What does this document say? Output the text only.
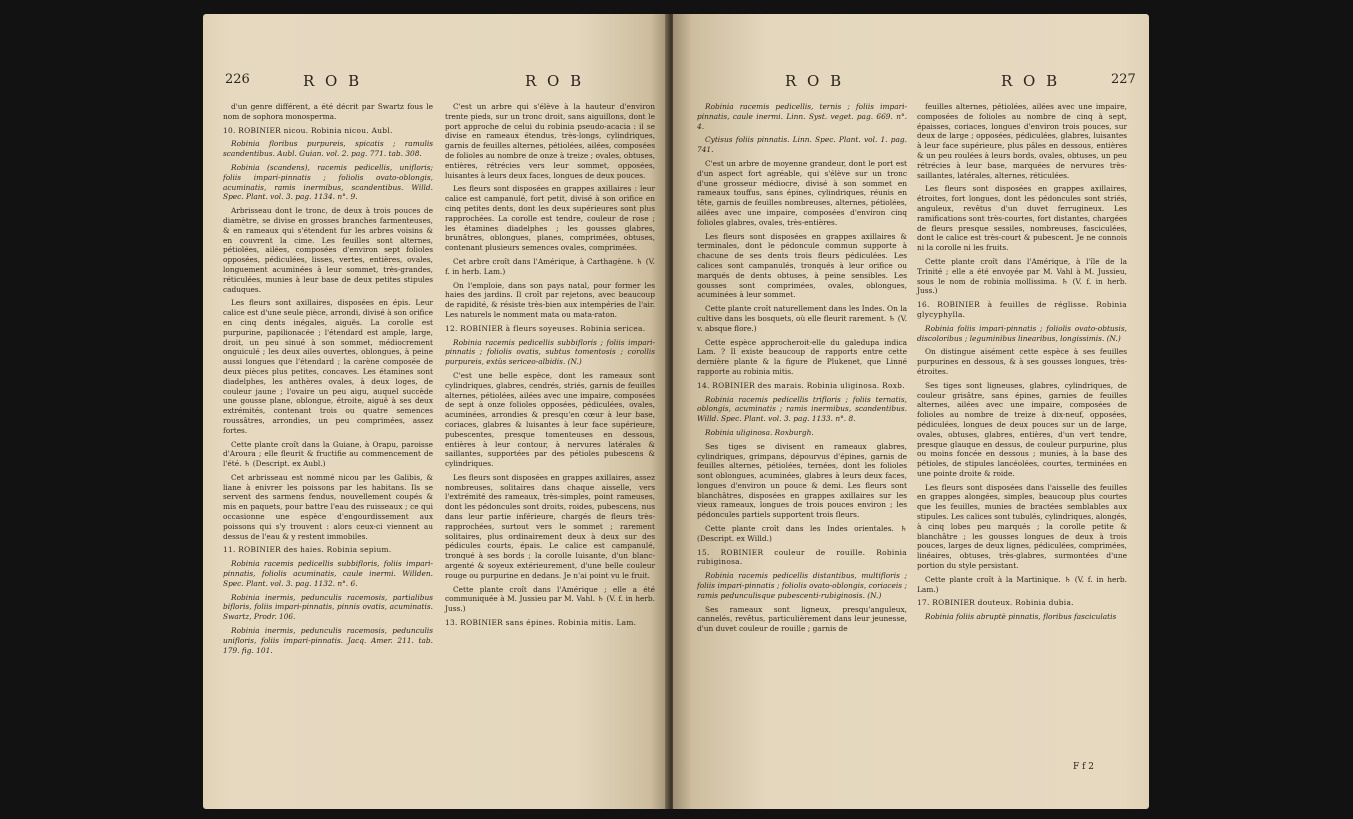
226	R O B	R O B

d'un genre différent, a été décrit par Swartz fous le nom de sophora monosperma.

10. ROBINIER nicou. Robinia nicou. Aubl.

Robinia floribus purpureis, spicatis ; ramulis scandentibus. Aubl. Guian. vol. 2. pag. 771. tab. 308.

Robinia (scandens), racemis pedicellis, unifloris; foliis impari-pinnatis ; foliolis ovato-oblongis, acuminatis, ramis inermibus, scandentibus. Willd. Spec. Plant. vol. 3. pag. 1134. n°. 9.

Arbrisseau dont le tronc, de deux à trois pouces de diamètre, se divise en grosses branches farmenteuses, & en rameaux qui s'étendent fur les arbres voisins & en couvrent la cime. Les feuilles sont alternes, pétiolées, ailées, composées d'environ sept folioles opposées, pédiculées, lisses, vertes, entières, ovales, longuement acuminées à leur sommet, très-grandes, réticulées, munies à leur base de deux petites stipules caduques.

Les fleurs sont axillaires, disposées en épis. Leur calice est d'une seule pièce, arrondi, divisé à son orifice en cinq dents inégales, aiguës. La corolle est purpurine, papilionacée ; l'étendard est ample, large, droit, un peu sinué à son sommet, médiocrement onguiculé ; les deux ailes ouvertes, oblongues, à peine aussi longues que l'étendard ; la carène composée de deux pièces plus petites, concaves. Les étamines sont diadelphes, les anthères ovales, à deux loges, de couleur jaune ; l'ovaire un peu aigu, auquel succède une gousse plane, oblongue, étroite, aiguë à ses deux extrémités, contenant trois ou quatre semences roussâtres, arrondies, un peu comprimées, assez fortes.

Cette plante croît dans la Guiane, à Orapu, paroisse d'Aroura ; elle fleurit & fructifie au commencement de l'été. ♄ (Descript. ex Aubl.)

Cet arbrisseau est nommé nicou par les Galibis, & liane à enivrer les poissons par les habitans. Ils se servent des sarmens fendus, nouvellement coupés & mis en paquets, pour battre l'eau des ruisseaux ; ce qui occasionne une espèce d'engourdissement aux poissons qui s'y trouvent : alors ceux-ci viennent au dessus de l'eau & y restent immobiles.

11. ROBINIER des haies. Robinia sepium.

Robinia racemis pedicellis subbifloris, foliis impari-pinnatis, foliolis acuminatis, caule inermi. Willden. Spec. Plant. vol. 3. pag. 1132. n°. 6.

Robinia inermis, pedunculis racemosis, partialibus bifloris, foliis impari-pinnatis, pinnis ovatis, acuminatis. Swartz, Prodr. 106.

Robinia inermis, pedunculis racemosis, pedunculis unifloris, foliis impari-pinnatis. Jacq. Amer. 211. tab. 179. fig. 101.

C'est un arbre qui s'élève à la hauteur d'environ trente pieds, sur un tronc droit, sans aiguillons, dont le port approche de celui du robinia pseudo-acacia : il se divise en rameaux étendus, très-longs, cylindriques, garnis de feuilles alternes, pétiolées, ailées, composées de folioles au nombre de onze à treize ; ovales, obtuses, entières, rétrécies vers leur sommet, opposées, luisantes à leurs deux faces, longues de deux pouces.

Les fleurs sont disposées en grappes axillaires : leur calice est campanulé, fort petit, divisé à son orifice en cinq petites dents, dont les deux supérieures sont plus rapprochées. La corolle est tendre, couleur de rose ; les étamines diadelphes ; les gousses glabres, brunâtres, oblongues, planes, comprimées, obtuses, contenant plusieurs semences ovales, comprimées.

Cet arbre croît dans l'Amérique, à Carthagène. ♄ (V. f. in herb. Lam.)

On l'emploie, dans son pays natal, pour former les haies des jardins. Il croît par rejetons, avec beaucoup de rapidité, & résiste très-bien aux intempéries de l'air. Les naturels le nomment mata ou mata-raton.

12. ROBINIER à fleurs soyeuses. Robinia sericea.

Robinia racemis pedicellis subbifloris ; foliis impari-pinnatis ; foliolis ovatis, subtus tomentosis ; corollis purpureis, extùs sericeo-albidis. (N.)

C'est une belle espèce, dont les rameaux sont cylindriques, glabres, cendrés, striés, garnis de feuilles alternes, pétiolées, ailées avec une impaire, composées de sept à onze folioles opposées, pédiculées, ovales, acuminées, arrondies & presqu'en cœur à leur base, coriaces, glabres & luisantes à leur face supérieure, pubescentes, presque tomenteuses en dessous, entières à leur contour, à nervures latérales & saillantes, supportées par des pétioles pubescens & cylindriques.

Les fleurs sont disposées en grappes axillaires, assez nombreuses, solitaires dans chaque aisselle, vers l'extrémité des rameaux, très-simples, point rameuses, dont les pédoncules sont droits, roides, pubescens, nus dans leur partie inférieure, chargés de fleurs très-rapprochées, surtout vers le sommet ; rarement solitaires, plus ordinairement deux à deux sur des pédicules courts, épais. Le calice est campanulé, tronqué à ses bords ; la corolle luisante, d'un blanc-argenté & soyeux extérieurement, d'une belle couleur rouge ou purpurine en dedans. Je n'ai point vu le fruit.

Cette plante croît dans l'Amérique ; elle a été communiquée à M. Jussieu par M. Vahl. ♄ (V. f. in herb. Juss.)

13. ROBINIER sans épines. Robinia mitis. Lam.

R O B	R O B	227

Robinia racemis pedicellis, ternis ; foliis impari-pinnatis, caule inermi. Linn. Syst. veget. pag. 669. n°. 4.

Cytisus foliis pinnatis. Linn. Spec. Plant. vol. 1. pag. 741.

C'est un arbre de moyenne grandeur, dont le port est d'un aspect fort agréable, qui s'élève sur un tronc d'une grosseur médiocre, divisé à son sommet en rameaux touffus, sans épines, cylindriques, réunis en tête, garnis de feuilles nombreuses, alternes, pétiolées, ailées avec une impaire, composées d'environ cinq folioles glabres, ovales, très-entières.

Les fleurs sont disposées en grappes axillaires & terminales, dont le pédoncule commun supporte à chacune de ses dents trois fleurs pédiculées. Les calices sont campanulés, tronqués à leur orifice ou marqués de dents obtuses, à peine sensibles. Les gousses sont comprimées, ovales, oblongues, acuminées à leur sommet.

Cette plante croît naturellement dans les Indes. On la cultive dans les bosquets, où elle fleurit rarement. ♄ (V. v. absque flore.)

Cette espèce approcheroit-elle du galedupa indica Lam. ? Il existe beaucoup de rapports entre cette dernière plante & la figure de Plukenet, que Linné rapporte au robinia mitis.

14. ROBINIER des marais. Robinia uliginosa. Roxb.

Robinia racemis pedicellis trifloris ; foliis ternatis, oblongis, acuminatis ; ramis inermibus, scandentibus. Willd. Spec. Plant. vol. 3. pag. 1133. n°. 8.

Robinia uliginosa. Roxburgh.

Ses tiges se divisent en rameaux glabres, cylindriques, grimpans, dépourvus d'épines, garnis de feuilles alternes, pétiolées, ternées, dont les folioles sont oblongues, acuminées, glabres à leurs deux faces, longues d'environ un pouce & demi. Les fleurs sont blanchâtres, disposées en grappes axillaires sur les vieux rameaux, longues de trois pouces environ ; les pédoncules partiels supportent trois fleurs.

Cette plante croît dans les Indes orientales. ♄ (Descript. ex Willd.)

15. ROBINIER couleur de rouille. Robinia rubiginosa.

Robinia racemis pedicellis distantibus, multifloris ; foliis impari-pinnatis ; foliolis ovato-oblongis, coriaceis ; ramis pedunculisque pubescenti-rubiginosis. (N.)

Ses rameaux sont ligneux, presqu'anguleux, cannelés, revêtus, particulièrement dans leur jeunesse, d'un duvet couleur de rouille ; garnis de

feuilles alternes, pétiolées, ailées avec une impaire, composées de folioles au nombre de cinq à sept, épaisses, coriaces, longues d'environ trois pouces, sur deux de large ; opposées, pédiculées, glabres, luisantes à leur face supérieure, plus pâles en dessous, entières & un peu roulées à leurs bords, ovales, obtuses, un peu rétrécies à leur base, marquées de nervures très-saillantes, latérales, alternes, réticulées.

Les fleurs sont disposées en grappes axillaires, étroites, fort longues, dont les pédoncules sont striés, anguleux, revêtus d'un duvet ferrugineux. Les ramifications sont très-courtes, fort distantes, chargées de fleurs presque sessiles, nombreuses, fasciculées, dont le calice est très-court & pubescent. Je ne connois ni la corolle ni les fruits.

Cette plante croît dans l'Amérique, à l'île de la Trinité ; elle a été envoyée par M. Vahl à M. Jussieu, sous le nom de robinia mollissima. ♄ (V. f. in herb. Juss.)

16. ROBINIER à feuilles de réglisse. Robinia glycyphylla.

Robinia foliis impari-pinnatis ; foliolis ovato-obtusis, discoloribus ; leguminibus linearibus, longissimis. (N.)

On distingue aisément cette espèce à ses feuilles purpurines en dessous, & à ses gousses longues, très-étroites.

Ses tiges sont ligneuses, glabres, cylindriques, de couleur grisâtre, sans épines, garnies de feuilles alternes, ailées avec une impaire, composées de folioles au nombre de treize à dix-neuf, opposées, pédiculées, longues de deux pouces sur un de large, ovales, obtuses, glabres, entières, d'un vert tendre, presque glauque en dessus, de couleur purpurine, plus ou moins foncée en dessous ; munies, à la base des pétioles, de stipules lancéolées, courtes, terminées en une pointe droite & roide.

Les fleurs sont disposées dans l'aisselle des feuilles en grappes alongées, simples, beaucoup plus courtes que les feuilles, munies de bractées semblables aux stipules. Les calices sont tubulés, cylindriques, alongés, à cinq lobes peu marqués ; la corolle petite & blanchâtre ; les gousses longues de deux à trois pouces, larges de deux lignes, pédiculées, comprimées, linéaires, obtuses, très-glabres, surmontées d'une portion du style persistant.

Cette plante croît à la Martinique. ♄ (V. f. in herb. Lam.)

17. ROBINIER douteux. Robinia dubia.

Robinia foliis abruptè pinnatis, floribus fasciculatis

F f 2
